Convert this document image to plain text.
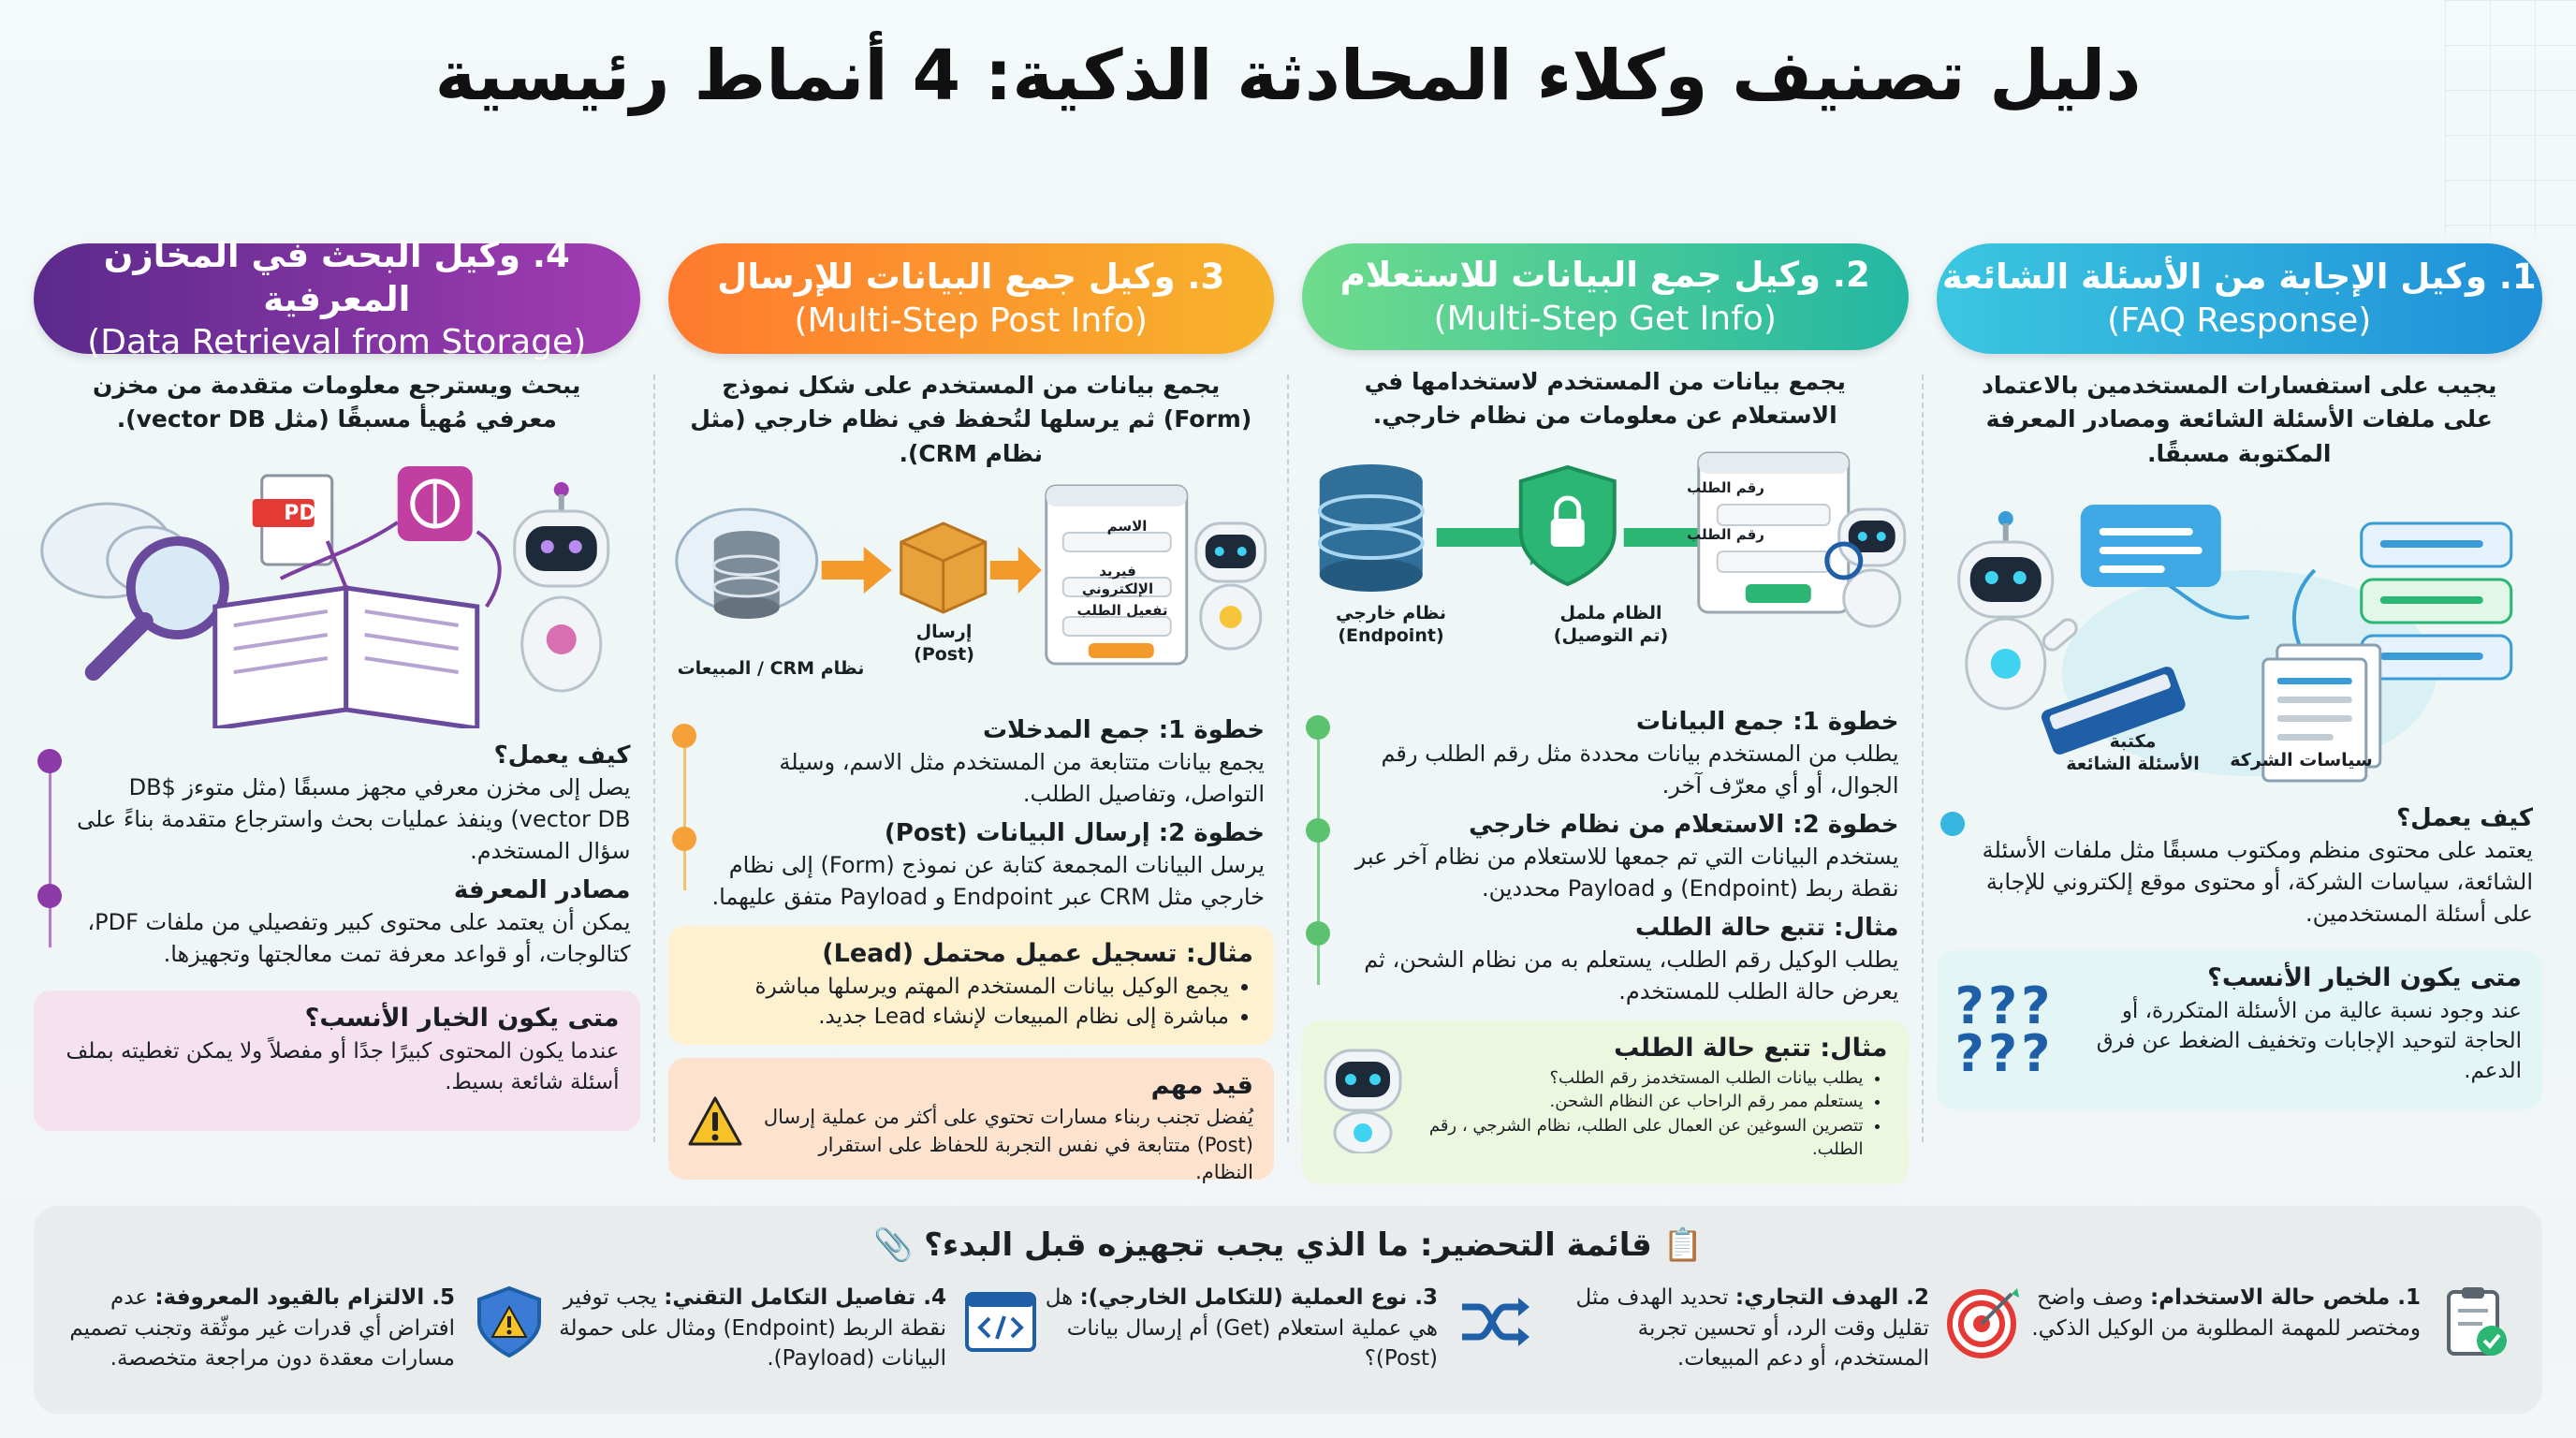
دليل تصنيف وكلاء المحادثة الذكية: 4 أنماط رئيسية
1. وكيل الإجابة من الأسئلة الشائعة
(FAQ Response)
يجيب على استفسارات المستخدمين بالاعتماد على ملفات الأسئلة الشائعة ومصادر المعرفة المكتوبة مسبقًا.
مكتبة
الأسئلة الشائعة	سياسات الشركة
كيف يعمل؟

يعتمد على محتوى منظم ومكتوب مسبقًا مثل ملفات الأسئلة الشائعة، سياسات الشركة، أو محتوى موقع إلكتروني للإجابة على أسئلة المستخدمين.

متى يكون الخيار الأنسب؟

عند وجود نسبة عالية من الأسئلة المتكررة، أو الحاجة لتوحيد الإجابات وتخفيف الضغط عن فرق الدعم.

???
???
2. وكيل جمع البيانات للاستعلام
(Multi-Step Get Info)
يجمع بيانات من المستخدم لاستخدامها في الاستعلام عن معلومات من نظام خارجي.
رقم الطلب
رقم الطلب
الظام ململ
(تم التوصيل)
نظام خارجي
(Endpoint)
خطوة 1: جمع البيانات

يطلب من المستخدم بيانات محددة مثل رقم الطلب رقم الجوال، أو أي معرّف آخر.

خطوة 2: الاستعلام من نظام خارجي

يستخدم البيانات التي تم جمعها للاستعلام من نظام آخر عبر نقطة ربط (Endpoint) و Payload محددين.

مثال: تتبع حالة الطلب

يطلب الوكيل رقم الطلب، يستعلم به من نظام الشحن، ثم يعرض حالة الطلب للمستخدم.

مثال: تتبع حالة الطلب
• يطلب بيانات الطلب المستخدمز رقم الطلب؟
• يستعلم ممر رقم الراحاب عن النظام الشحن.
• تتصرين السوغين عن العمال على الطلب، نظام الشرجي ، رقم الطلب.
3. وكيل جمع البيانات للإرسال
(Multi-Step Post Info)
يجمع بيانات من المستخدم على شكل نموذج (Form) ثم يرسلها لتُحفظ في نظام خارجي (مثل نظام CRM).
الاسم
فيريد الإلكتروني
تفعيل الطلب
إرسال
(Post)
نظام CRM / المبيعات
خطوة 1: جمع المدخلات

يجمع بيانات متتابعة من المستخدم مثل الاسم، وسيلة التواصل، وتفاصيل الطلب.

خطوة 2: إرسال البيانات (Post)

يرسل البيانات المجمعة كتابة عن نموذج (Form) إلى نظام خارجي مثل CRM عبر Endpoint و Payload متفق عليهما.

مثال: تسجيل عميل محتمل (Lead)
• يجمع الوكيل بيانات المستخدم المهتم ويرسلها مباشرة
• مباشرة إلى نظام المبيعات لإنشاء Lead جديد.
قيد مهم

يُفضل تجنب ربناء مسارات تحتوي على أكثر من عملية إرسال (Post) متتابعة في نفس التجربة للحفاظ على استقرار النظام.

4. وكيل البحث في المخازن المعرفية
(Data Retrieval from Storage)
يبحث ويسترجع معلومات متقدمة من مخزن معرفي مُهيأ مسبقًا (مثل vector DB).
PDF
كيف يعمل؟

يصل إلى مخزن معرفي مجهز مسبقًا (مثل متوءز DB$ vector DB) وينفذ عمليات بحث واسترجاع متقدمة بناءً على سؤال المستخدم.

مصادر المعرفة

يمكن أن يعتمد على محتوى كبير وتفصيلي من ملفات PDF، كتالوجات، أو قواعد معرفة تمت معالجتها وتجهيزها.

متى يكون الخيار الأنسب؟

عندما يكون المحتوى كبيرًا جدًا أو مفصلاً ولا يمكن تغطيته بملف أسئلة شائعة بسيط.

📋 قائمة التحضير: ما الذي يجب تجهيزه قبل البدء؟ 📎
1. ملخص حالة الاستخدام: وصف واضح ومختصر للمهمة المطلوبة من الوكيل الذكي.
2. الهدف التجاري: تحديد الهدف مثل تقليل وقت الرد، أو تحسين تجربة المستخدم، أو دعم المبيعات.
3. نوع العملية (للتكامل الخارجي): هل هي عملية استعلام (Get) أم إرسال بيانات (Post)؟
4. تفاصيل التكامل التقني: يجب توفير نقطة الربط (Endpoint) ومثال على حمولة البيانات (Payload).
5. الالتزام بالقيود المعروفة: عدم افتراض أي قدرات غير موثّقة وتجنب تصميم مسارات معقدة دون مراجعة متخصصة.
